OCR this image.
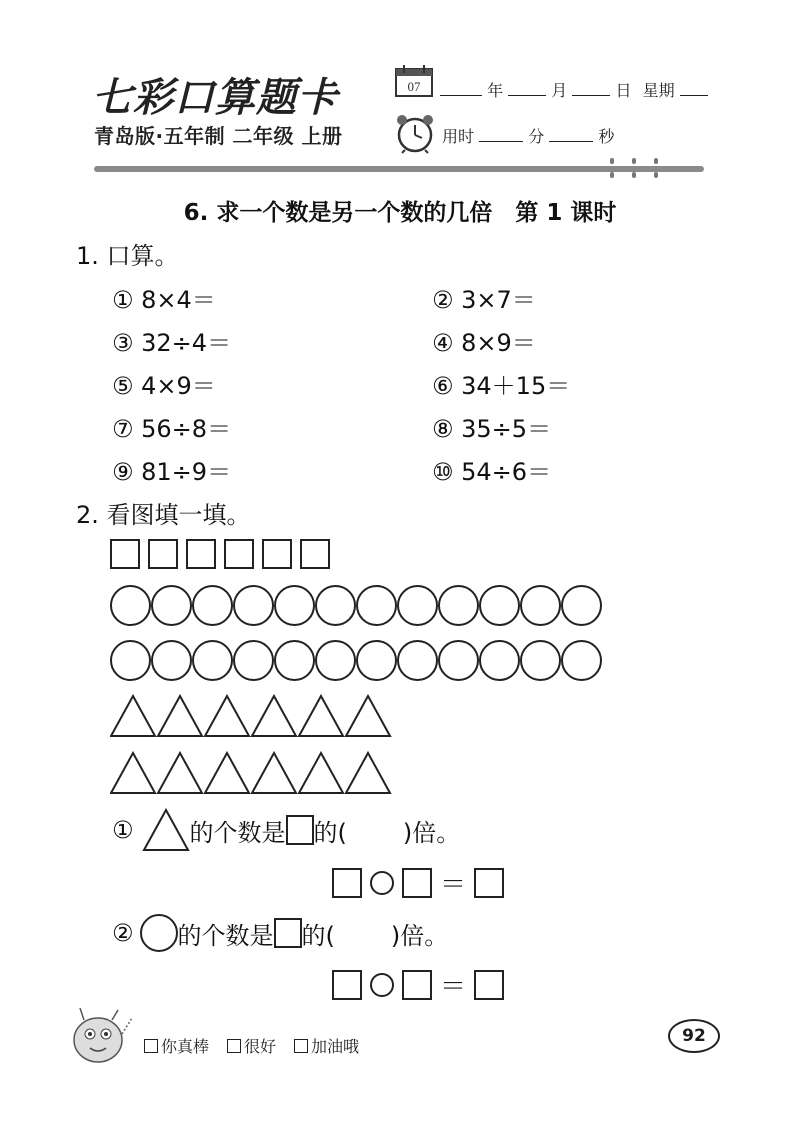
七彩口算题卡
青岛版·五年制 二年级 上册
07	年	月	日 星期
用时	分	秒
6. 求一个数是另一个数的几倍　第 1 课时
1. 口算。
① 8×4＝	② 3×7＝
③ 32÷4＝	④ 8×9＝
⑤ 4×9＝	⑥ 34＋15＝
⑦ 56÷8＝	⑧ 35÷5＝
⑨ 81÷9＝	⑩ 54÷6＝
2. 看图填一填。
① 的个数是 的( )倍。
＝
② 的个数是 的( )倍。
＝
你真棒	很好	加油哦
92
